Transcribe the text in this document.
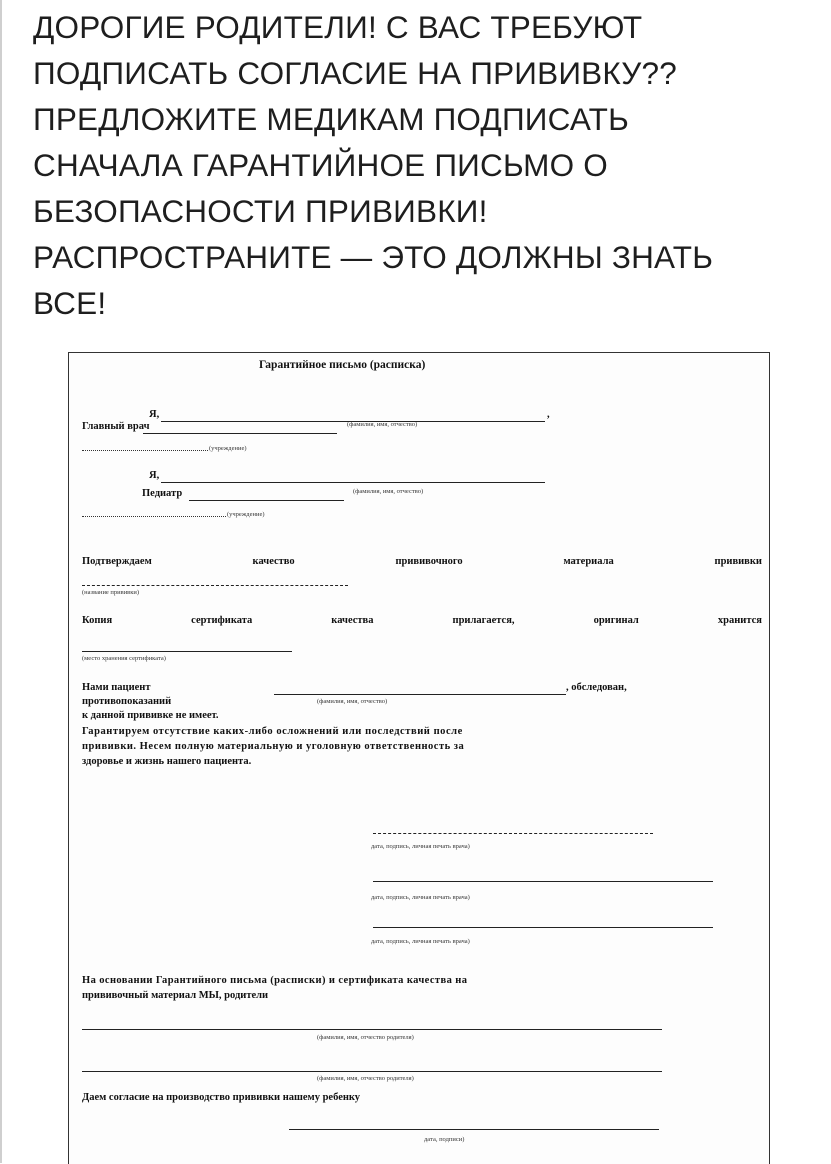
ДОРОГИЕ РОДИТЕЛИ! С ВАС ТРЕБУЮТ
ПОДПИСАТЬ СОГЛАСИЕ НА ПРИВИВКУ??
ПРЕДЛОЖИТЕ МЕДИКАМ ПОДПИСАТЬ
СНАЧАЛА ГАРАНТИЙНОЕ ПИСЬМО О
БЕЗОПАСНОСТИ ПРИВИВКИ!
РАСПРОСТРАНИТЕ — ЭТО ДОЛЖНЫ ЗНАТЬ
ВСЕ!
Гарантийное письмо (расписка)
Я,	,
Главный врач	(фамилия, имя, отчество)
(учреждение)
Я,
Педиатр	(фамилия, имя, отчество)
(учреждение)
Подтверждаем	качество	прививочного	материала	прививки
(название прививки)
Копия	сертификата	качества	прилагается,	оригинал	хранится
(место хранения сертификата)
Нами пациент	, обследован,
противопоказаний	(фамилия, имя, отчество)
к данной прививке не имеет.
Гарантируем отсутствие каких-либо осложнений или последствий после
прививки. Несем полную материальную и уголовную ответственность за
здоровье и жизнь нашего пациента.
дата, подпись, личная печать врача)
дата, подпись, личная печать врача)
дата, подпись, личная печать врача)
На основании Гарантийного письма (расписки) и сертификата качества на
прививочный материал МЫ, родители
(фамилия, имя, отчество родителя)
(фамилия, имя, отчество родителя)
Даем согласие на производство прививки нашему ребенку
дата, подписи)
